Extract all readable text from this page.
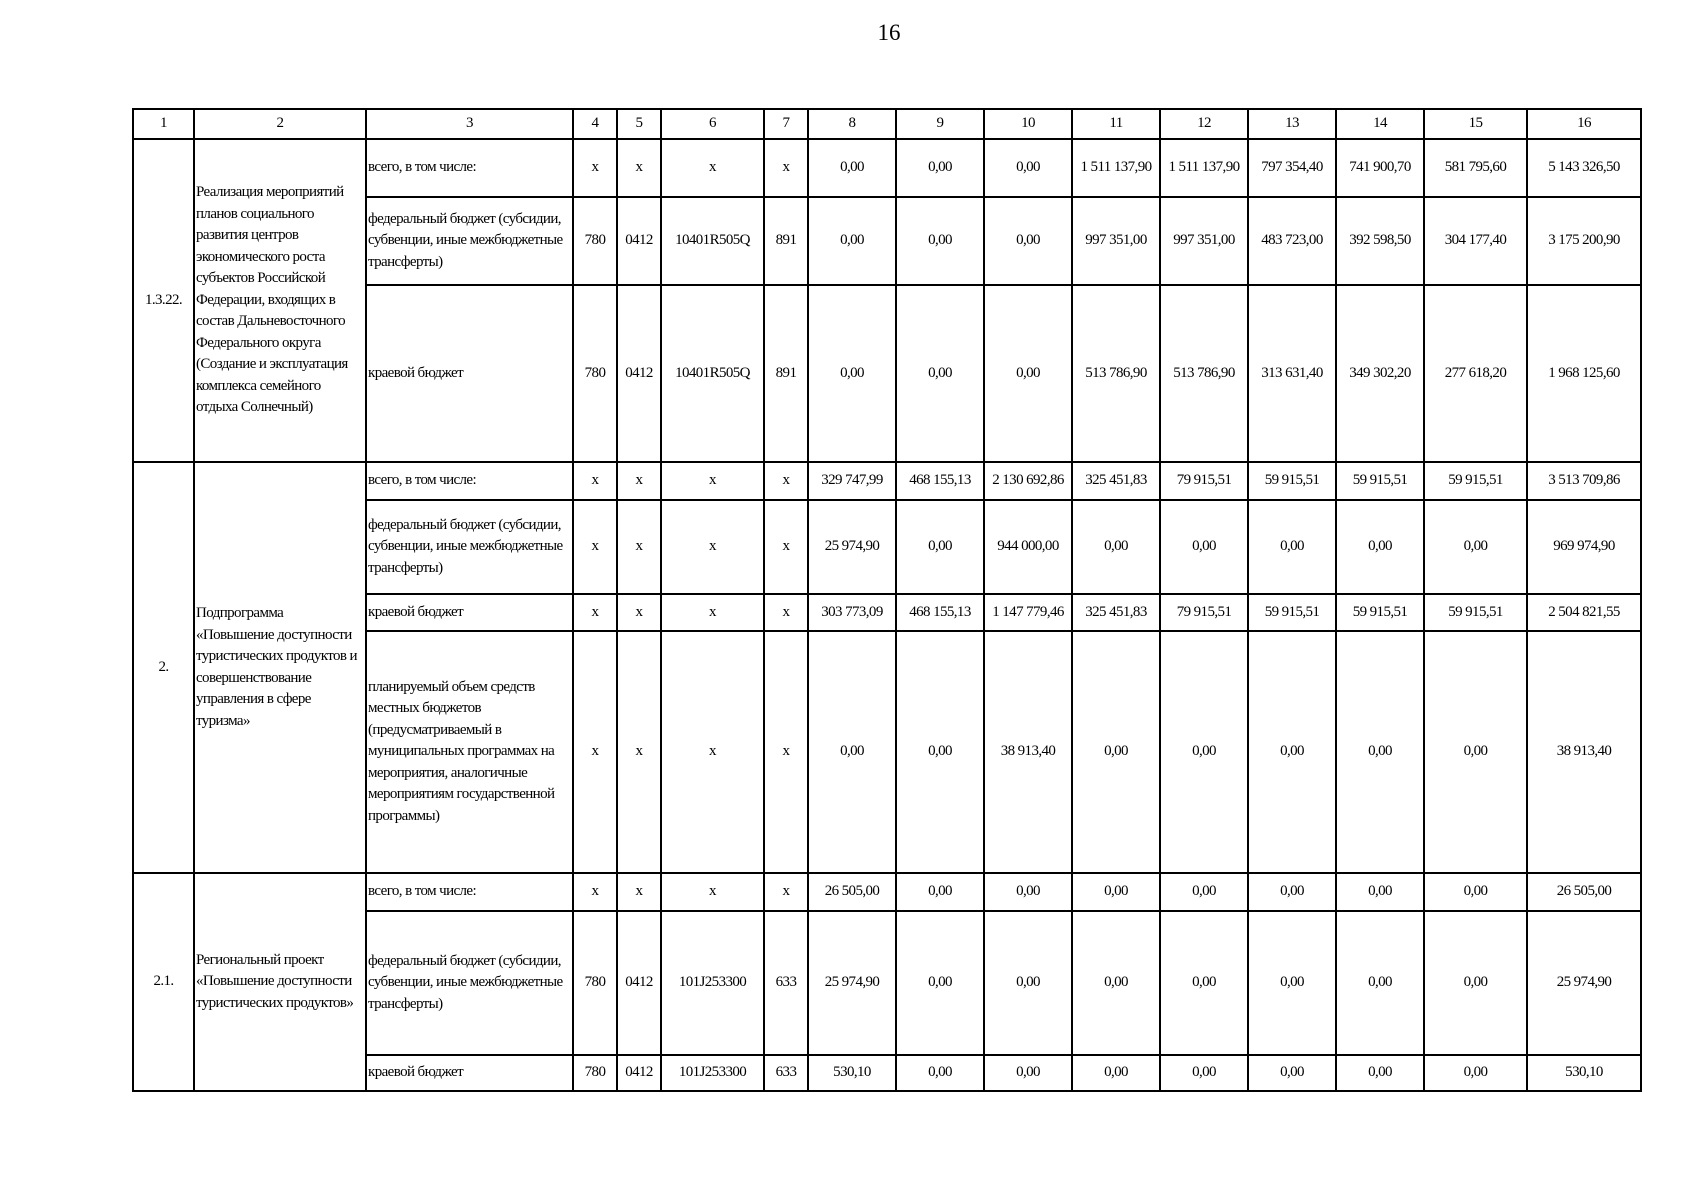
16
1	2	3	4	5	6	7	8	9	10	11	12	13	14	15	16
1.3.22.	Реализация мероприятий планов социального развития центров экономического роста субъектов Российской Федерации, входящих в состав Дальневосточного Федерального округа (Создание и эксплуатация комплекса семейного отдыха Солнечный)	всего, в том числе:	x	x	x	x	0,00	0,00	0,00	1 511 137,90	1 511 137,90	797 354,40	741 900,70	581 795,60	5 143 326,50
		федеральный бюджет (субсидии, субвенции, иные межбюджетные трансферты)	780	0412	10401R505Q	891	0,00	0,00	0,00	997 351,00	997 351,00	483 723,00	392 598,50	304 177,40	3 175 200,90
		краевой бюджет	780	0412	10401R505Q	891	0,00	0,00	0,00	513 786,90	513 786,90	313 631,40	349 302,20	277 618,20	1 968 125,60
2.	Подпрограмма «Повышение доступности туристических продуктов и совершенствование управления в сфере туризма»	всего, в том числе:	x	x	x	x	329 747,99	468 155,13	2 130 692,86	325 451,83	79 915,51	59 915,51	59 915,51	59 915,51	3 513 709,86
		федеральный бюджет (субсидии, субвенции, иные межбюджетные трансферты)	x	x	x	x	25 974,90	0,00	944 000,00	0,00	0,00	0,00	0,00	0,00	969 974,90
		краевой бюджет	x	x	x	x	303 773,09	468 155,13	1 147 779,46	325 451,83	79 915,51	59 915,51	59 915,51	59 915,51	2 504 821,55
		планируемый объем средств местных бюджетов (предусматриваемый в муниципальных программах на мероприятия, аналогичные мероприятиям государственной программы)	x	x	x	x	0,00	0,00	38 913,40	0,00	0,00	0,00	0,00	0,00	38 913,40
2.1.	Региональный проект «Повышение доступности туристических продуктов»	всего, в том числе:	x	x	x	x	26 505,00	0,00	0,00	0,00	0,00	0,00	0,00	0,00	26 505,00
		федеральный бюджет (субсидии, субвенции, иные межбюджетные трансферты)	780	0412	101J253300	633	25 974,90	0,00	0,00	0,00	0,00	0,00	0,00	0,00	25 974,90
		краевой бюджет	780	0412	101J253300	633	530,10	0,00	0,00	0,00	0,00	0,00	0,00	0,00	530,10
